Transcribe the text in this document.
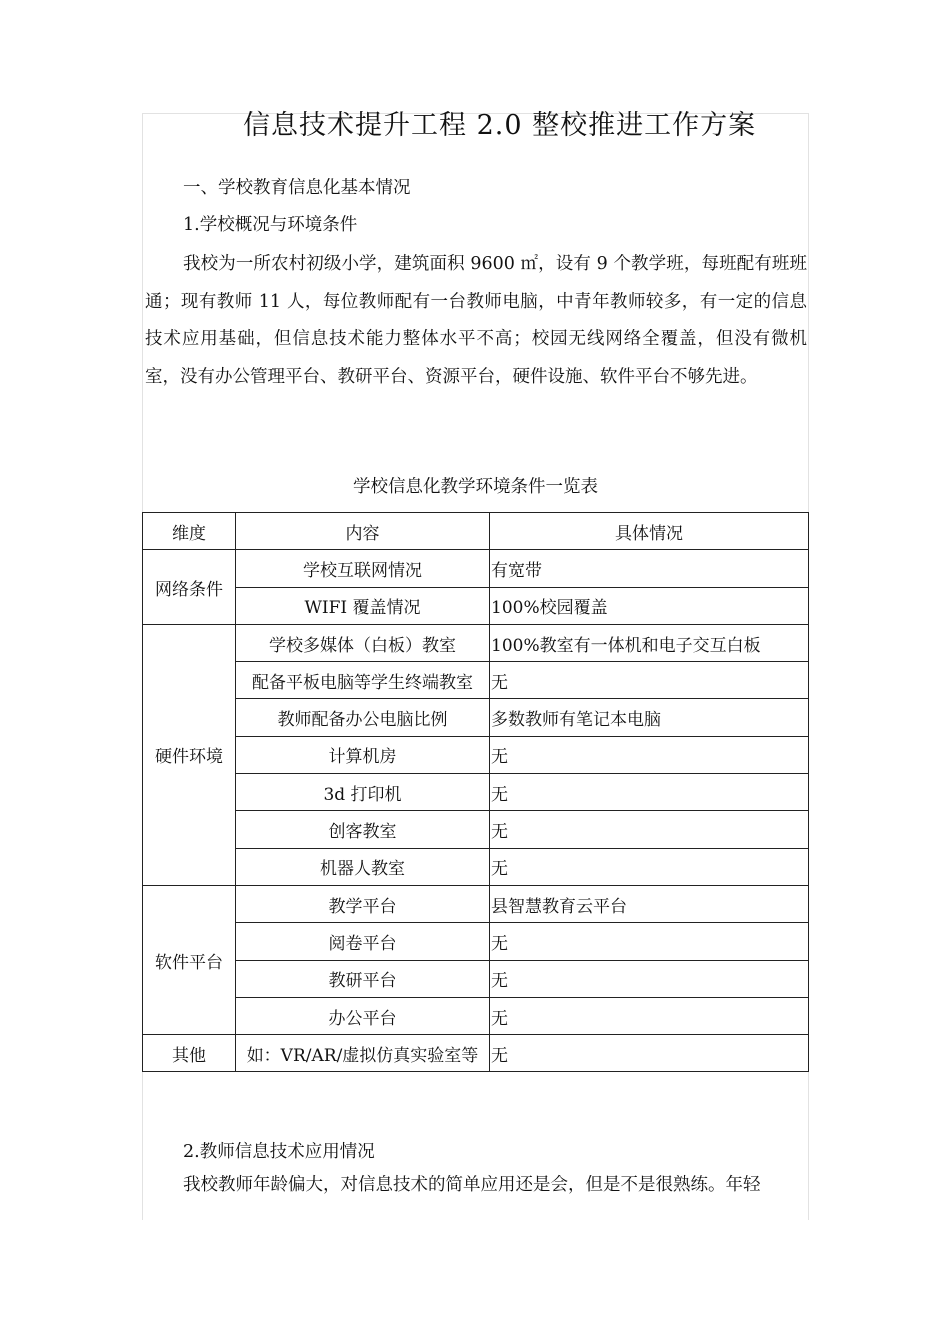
信息技术提升工程 2.0 整校推进工作方案
一、学校教育信息化基本情况
1.学校概况与环境条件

我校为一所农村初级小学，建筑面积 9600 ㎡，设有 9 个教学班，每班配有班班通；现有教师 11 人，每位教师配有一台教师电脑，中青年教师较多，有一定的信息技术应用基础，但信息技术能力整体水平不高；校园无线网络全覆盖，但没有微机室，没有办公管理平台、教研平台、资源平台，硬件设施、软件平台不够先进。

学校信息化教学环境条件一览表
维度	内容	具体情况
网络条件	学校互联网情况	有宽带
	WIFI 覆盖情况	100%校园覆盖
硬件环境	学校多媒体（白板）教室	100%教室有一体机和电子交互白板
	配备平板电脑等学生终端教室	无
	教师配备办公电脑比例	多数教师有笔记本电脑
	计算机房	无
	3d 打印机	无
	创客教室	无
	机器人教室	无
软件平台	教学平台	县智慧教育云平台
	阅卷平台	无
	教研平台	无
	办公平台	无
其他	如：VR/AR/虚拟仿真实验室等	无
2.教师信息技术应用情况

我校教师年龄偏大，对信息技术的简单应用还是会，但是不是很熟练。年轻
